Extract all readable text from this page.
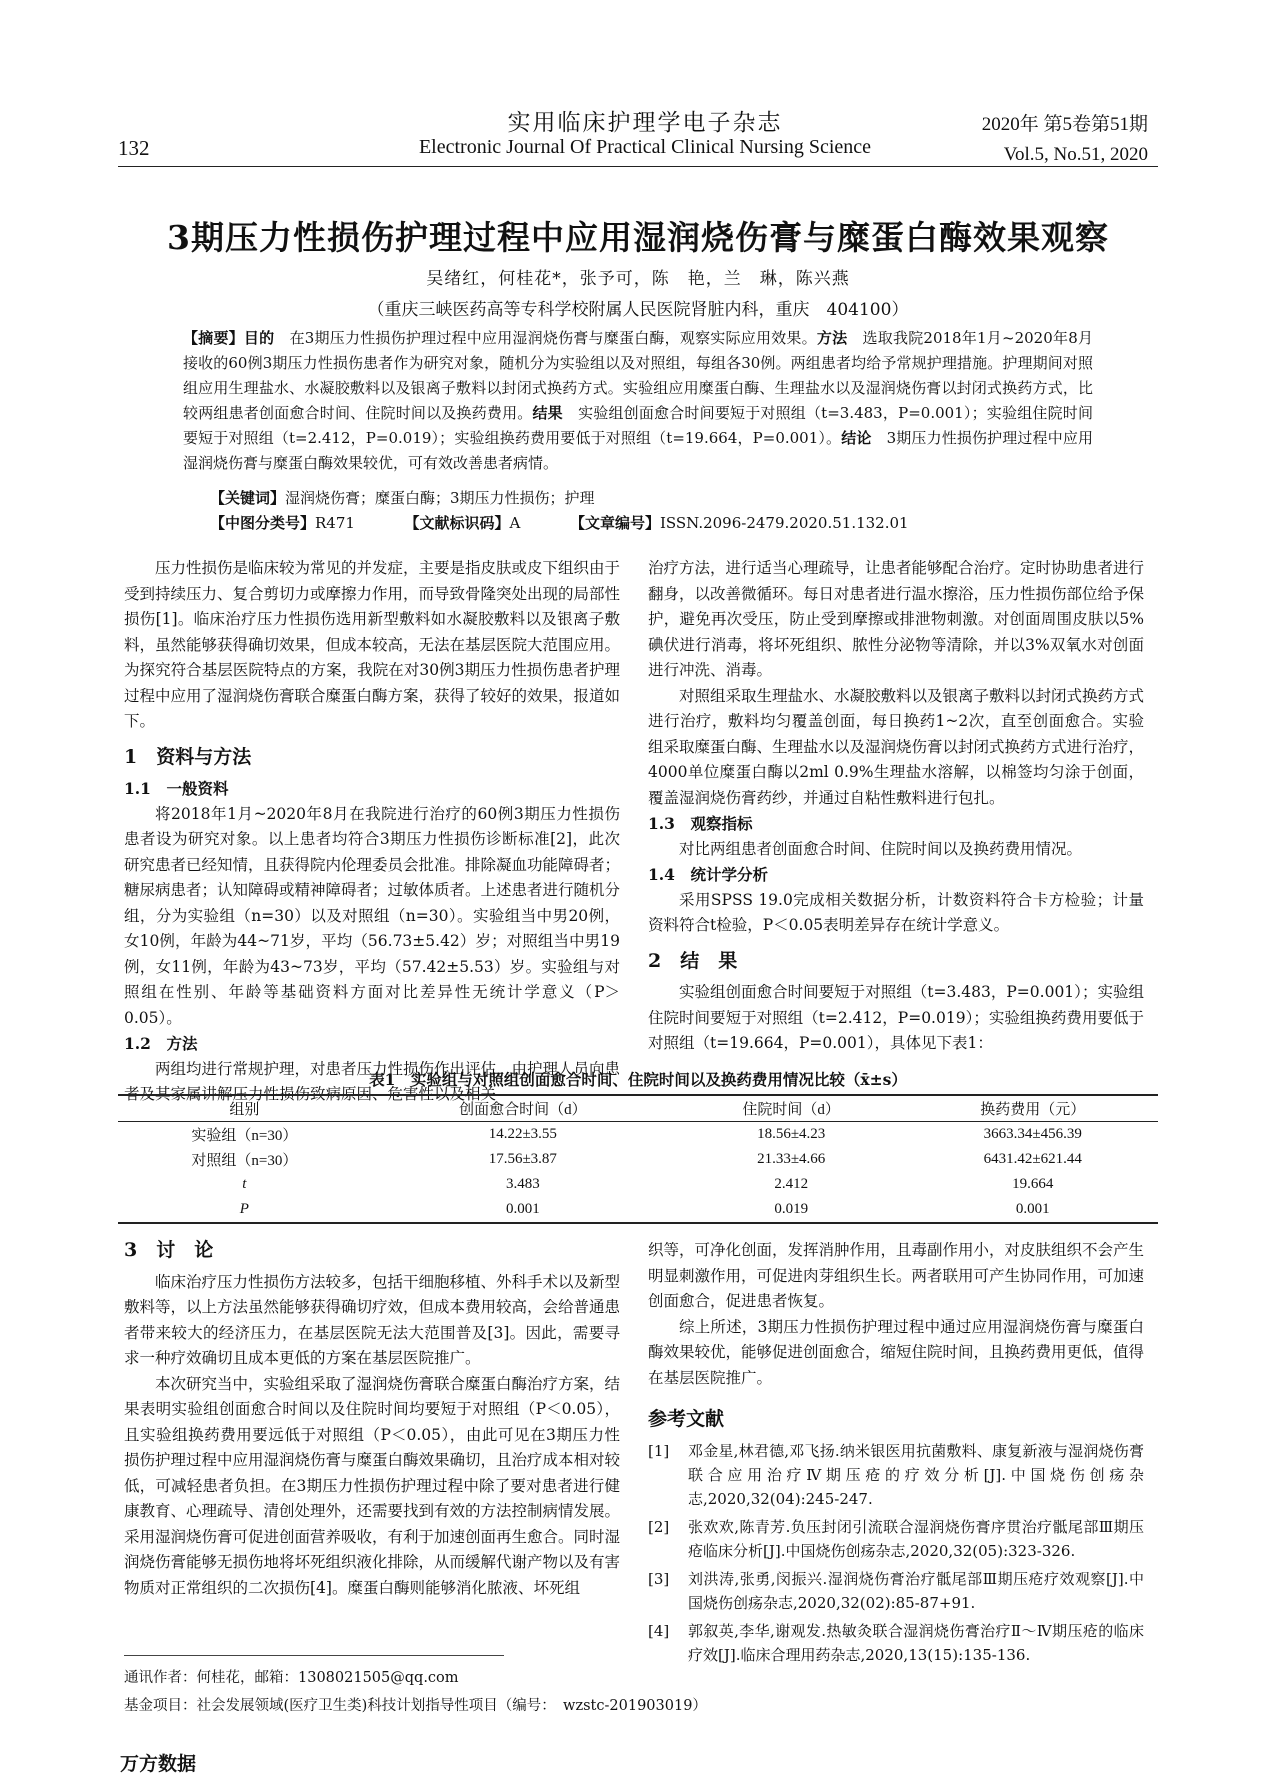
实用临床护理学电子杂志
132	Electronic Journal Of Practical Clinical Nursing Science
2020年 第5卷第51期
Vol.5, No.51, 2020
3期压力性损伤护理过程中应用湿润烧伤膏与糜蛋白酶效果观察
吴绪红，何桂花*，张予可，陈　艳，兰　琳，陈兴燕
（重庆三峡医药高等专科学校附属人民医院肾脏内科，重庆　404100）
【摘要】目的　在3期压力性损伤护理过程中应用湿润烧伤膏与糜蛋白酶，观察实际应用效果。方法　选取我院2018年1月~2020年8月接收的60例3期压力性损伤患者作为研究对象，随机分为实验组以及对照组，每组各30例。两组患者均给予常规护理措施。护理期间对照组应用生理盐水、水凝胶敷料以及银离子敷料以封闭式换药方式。实验组应用糜蛋白酶、生理盐水以及湿润烧伤膏以封闭式换药方式，比较两组患者创面愈合时间、住院时间以及换药费用。结果　实验组创面愈合时间要短于对照组（t=3.483，P=0.001）；实验组住院时间要短于对照组（t=2.412，P=0.019）；实验组换药费用要低于对照组（t=19.664，P=0.001）。结论　3期压力性损伤护理过程中应用湿润烧伤膏与糜蛋白酶效果较优，可有效改善患者病情。
【关键词】湿润烧伤膏；糜蛋白酶；3期压力性损伤；护理
【中图分类号】R471	【文献标识码】A	【文章编号】ISSN.2096-2479.2020.51.132.01

压力性损伤是临床较为常见的并发症，主要是指皮肤或皮下组织由于受到持续压力、复合剪切力或摩擦力作用，而导致骨隆突处出现的局部性损伤[1]。临床治疗压力性损伤选用新型敷料如水凝胶敷料以及银离子敷料，虽然能够获得确切效果，但成本较高，无法在基层医院大范围应用。为探究符合基层医院特点的方案，我院在对30例3期压力性损伤患者护理过程中应用了湿润烧伤膏联合糜蛋白酶方案，获得了较好的效果，报道如下。

1　资料与方法
1.1　一般资料

将2018年1月~2020年8月在我院进行治疗的60例3期压力性损伤患者设为研究对象。以上患者均符合3期压力性损伤诊断标准[2]，此次研究患者已经知情，且获得院内伦理委员会批准。排除凝血功能障碍者；糖尿病患者；认知障碍或精神障碍者；过敏体质者。上述患者进行随机分组，分为实验组（n=30）以及对照组（n=30）。实验组当中男20例，女10例，年龄为44~71岁，平均（56.73±5.42）岁；对照组当中男19例，女11例，年龄为43~73岁，平均（57.42±5.53）岁。实验组与对照组在性别、年龄等基础资料方面对比差异性无统计学意义（P＞0.05）。

1.2　方法

两组均进行常规护理，对患者压力性损伤作出评估，由护理人员向患者及其家属讲解压力性损伤致病原因、危害性以及相关

治疗方法，进行适当心理疏导，让患者能够配合治疗。定时协助患者进行翻身，以改善微循环。每日对患者进行温水擦浴，压力性损伤部位给予保护，避免再次受压，防止受到摩擦或排泄物刺激。对创面周围皮肤以5%碘伏进行消毒，将坏死组织、脓性分泌物等清除，并以3%双氧水对创面进行冲洗、消毒。

对照组采取生理盐水、水凝胶敷料以及银离子敷料以封闭式换药方式进行治疗，敷料均匀覆盖创面，每日换药1~2次，直至创面愈合。实验组采取糜蛋白酶、生理盐水以及湿润烧伤膏以封闭式换药方式进行治疗，4000单位糜蛋白酶以2ml 0.9%生理盐水溶解，以棉签均匀涂于创面，覆盖湿润烧伤膏药纱，并通过自粘性敷料进行包扎。

1.3　观察指标

对比两组患者创面愈合时间、住院时间以及换药费用情况。

1.4　统计学分析

采用SPSS 19.0完成相关数据分析，计数资料符合卡方检验；计量资料符合t检验，P＜0.05表明差异存在统计学意义。

2　结　果

实验组创面愈合时间要短于对照组（t=3.483，P=0.001）；实验组住院时间要短于对照组（t=2.412，P=0.019）；实验组换药费用要低于对照组（t=19.664，P=0.001），具体见下表1：

表1　实验组与对照组创面愈合时间、住院时间以及换药费用情况比较（x̄±s）
组别	创面愈合时间（d）	住院时间（d）	换药费用（元）
实验组（n=30）	14.22±3.55	18.56±4.23	3663.34±456.39
对照组（n=30）	17.56±3.87	21.33±4.66	6431.42±621.44
t	3.483	2.412	19.664
P	0.001	0.019	0.001
3　讨　论

临床治疗压力性损伤方法较多，包括干细胞移植、外科手术以及新型敷料等，以上方法虽然能够获得确切疗效，但成本费用较高，会给普通患者带来较大的经济压力，在基层医院无法大范围普及[3]。因此，需要寻求一种疗效确切且成本更低的方案在基层医院推广。

本次研究当中，实验组采取了湿润烧伤膏联合糜蛋白酶治疗方案，结果表明实验组创面愈合时间以及住院时间均要短于对照组（P＜0.05），且实验组换药费用要远低于对照组（P＜0.05），由此可见在3期压力性损伤护理过程中应用湿润烧伤膏与糜蛋白酶效果确切，且治疗成本相对较低，可减轻患者负担。在3期压力性损伤护理过程中除了要对患者进行健康教育、心理疏导、清创处理外，还需要找到有效的方法控制病情发展。采用湿润烧伤膏可促进创面营养吸收，有利于加速创面再生愈合。同时湿润烧伤膏能够无损伤地将坏死组织液化排除，从而缓解代谢产物以及有害物质对正常组织的二次损伤[4]。糜蛋白酶则能够消化脓液、坏死组

织等，可净化创面，发挥消肿作用，且毒副作用小，对皮肤组织不会产生明显刺激作用，可促进肉芽组织生长。两者联用可产生协同作用，可加速创面愈合，促进患者恢复。

综上所述，3期压力性损伤护理过程中通过应用湿润烧伤膏与糜蛋白酶效果较优，能够促进创面愈合，缩短住院时间，且换药费用更低，值得在基层医院推广。

参考文献
[1]	邓金星,林君德,邓飞扬.纳米银医用抗菌敷料、康复新液与湿润烧伤膏联合应用治疗Ⅳ期压疮的疗效分析[J].中国烧伤创疡杂志,2020,32(04):245-247.
[2]	张欢欢,陈青芳.负压封闭引流联合湿润烧伤膏序贯治疗骶尾部Ⅲ期压疮临床分析[J].中国烧伤创疡杂志,2020,32(05):323-326.
[3]	刘洪涛,张勇,闵振兴.湿润烧伤膏治疗骶尾部Ⅲ期压疮疗效观察[J].中国烧伤创疡杂志,2020,32(02):85-87+91.
[4]	郭叙英,李华,谢观发.热敏灸联合湿润烧伤膏治疗Ⅱ～Ⅳ期压疮的临床疗效[J].临床合理用药杂志,2020,13(15):135-136.
通讯作者：何桂花，邮箱：1308021505@qq.com
基金项目：社会发展领域(医疗卫生类)科技计划指导性项目（编号：　wzstc-201903019）
万方数据
